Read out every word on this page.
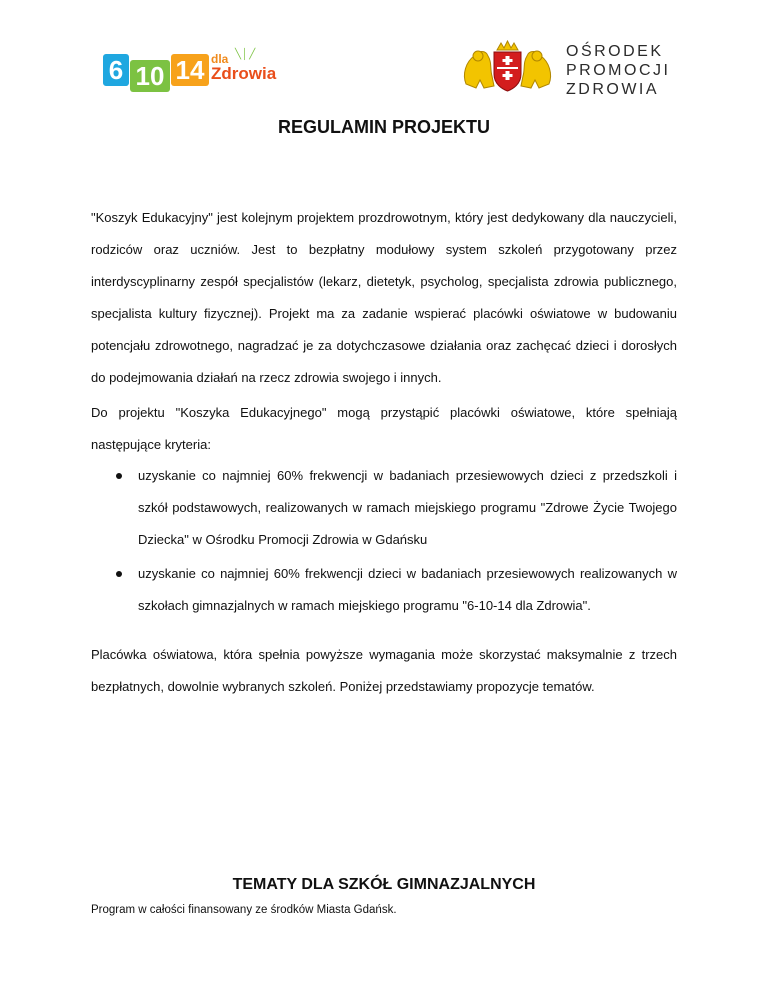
6 10 14 dla ╲│╱
Zdrowia
OŚRODEK
PROMOCJI
ZDROWIA
REGULAMIN PROJEKTU

"Koszyk Edukacyjny" jest kolejnym projektem prozdrowotnym, który jest dedykowany dla nauczycieli, rodziców oraz uczniów. Jest to bezpłatny modułowy system szkoleń przygotowany przez interdyscyplinarny zespół specjalistów (lekarz, dietetyk, psycholog, specjalista zdrowia publicznego, specjalista kultury fizycznej). Projekt ma za zadanie wspierać placówki oświatowe w budowaniu potencjału zdrowotnego, nagradzać je za dotychczasowe działania oraz zachęcać dzieci i dorosłych do podejmowania działań na rzecz zdrowia swojego i innych.

Do projektu "Koszyka Edukacyjnego" mogą przystąpić placówki oświatowe, które spełniają następujące kryteria:

uzyskanie co najmniej 60% frekwencji w badaniach przesiewowych dzieci z przedszkoli i szkół podstawowych, realizowanych w ramach miejskiego programu "Zdrowe Życie Twojego Dziecka" w Ośrodku Promocji Zdrowia w Gdańsku
uzyskanie co najmniej 60% frekwencji dzieci w badaniach przesiewowych realizowanych w szkołach gimnazjalnych w ramach miejskiego programu "6-10-14 dla Zdrowia".

Placówka oświatowa, która spełnia powyższe wymagania może skorzystać maksymalnie z trzech bezpłatnych, dowolnie wybranych szkoleń. Poniżej przedstawiamy propozycje tematów.

TEMATY DLA SZKÓŁ GIMNAZJALNYCH
Program w całości finansowany ze środków Miasta Gdańsk.
